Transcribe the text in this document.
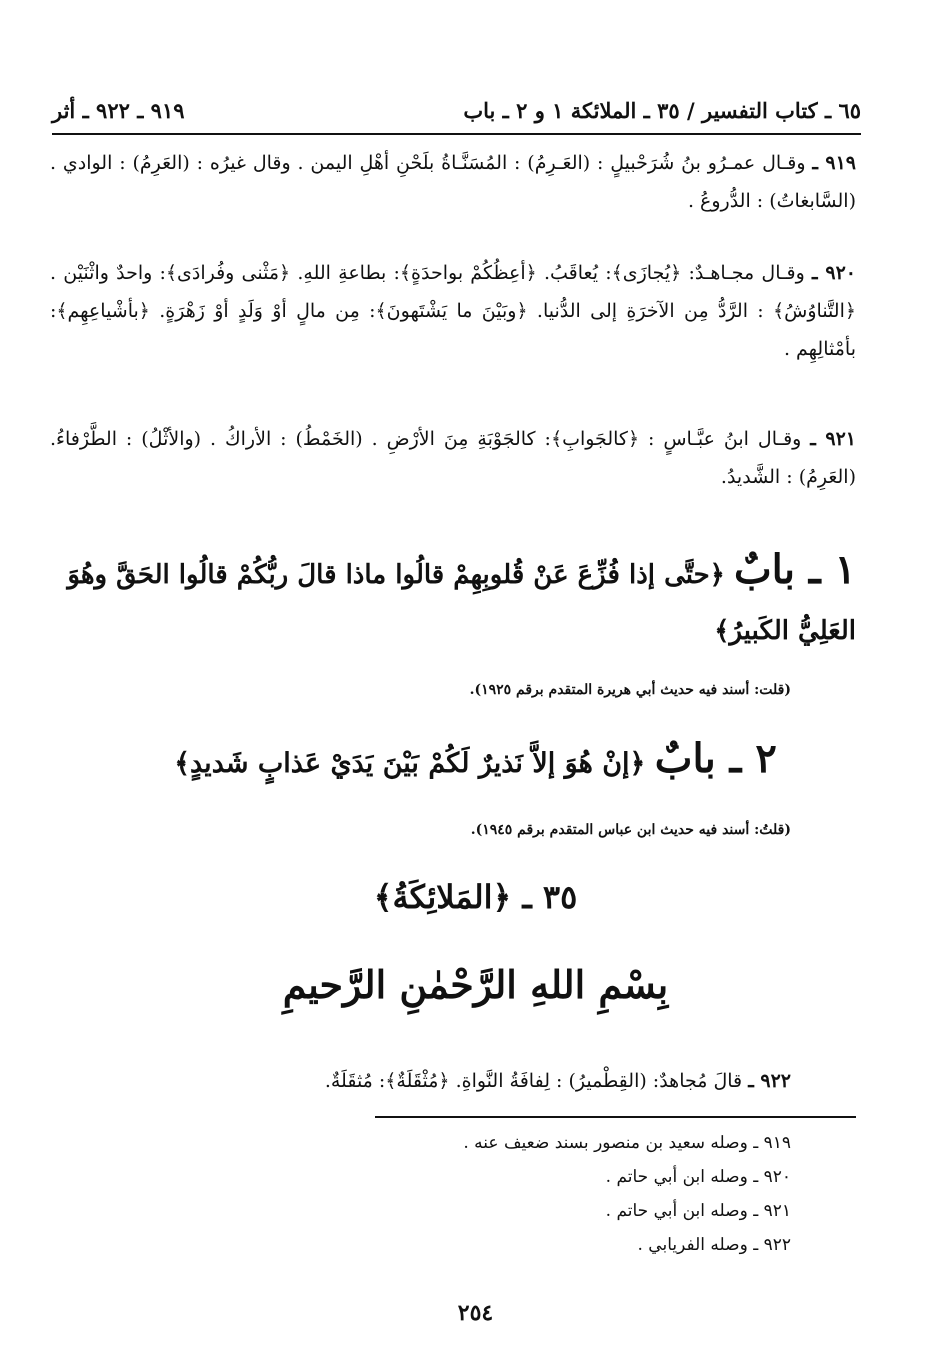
٦٥ ـ كتاب التفسير / ٣٥ ـ الملائكة ١ و ٢ ـ باب
٩١٩ ـ ٩٢٢ ـ أثر
٩١٩ ـ وقـال عمـرُو بنُ شُرَحْبيلٍ : (العَـرِمُ) : المُسَنَّـاةُ بلَحْنِ أهْلِ اليمن . وقال غيرُه : (العَرِمُ) : الوادي . (السَّابغاتُ) : الدُّروعُ .
٩٢٠ ـ وقـال مجـاهـدٌ: ﴿يُجازَى﴾: يُعاقَبُ. ﴿أعِظُكُمْ بواحدَةٍ﴾: بطاعةِ اللهِ. ﴿مَثْنى وفُرادَى﴾: واحدٌ واثْنَيْن . ﴿التَّناوُشُ﴾ : الرَّدُّ مِن الآخرَةِ إلى الدُّنيا. ﴿وبَيْنَ ما يَشْتَهونَ﴾: مِن مالٍ أوْ وَلَدٍ أوْ زَهْرَةٍ. ﴿بأشْياعِهِم﴾: بأمْثالِهِم .
٩٢١ ـ وقـال ابنُ عبَّـاسٍ : ﴿كالجَوابِ﴾: كالجَوْبَةِ مِنَ الأرْضِ . (الخَمْطُ) : الأراكُ . (والأثْلُ) : الطَّرْفاءُ. (العَرِمُ) : الشَّديدُ.
١ ـ بابٌ ﴿حتَّى إذا فُزِّعَ عَنْ قُلوبِهِمْ قالُوا ماذا قالَ ربُّكُمْ قالُوا الحَقَّ وهُوَ العَلِيُّ الكَبيرُ﴾
(قلت: أسند فيه حديث أبي هريرة المتقدم برقم ١٩٢٥).
٢ ـ بابٌ ﴿إنْ هُوَ إلاَّ نَذيرٌ لَكُمْ بَيْنَ يَدَيْ عَذابٍ شَديدٍ﴾
(قلتُ: أسند فيه حديث ابن عباس المتقدم برقم ١٩٤٥).
٣٥ ـ ﴿المَلائِكَةُ﴾
بِسْمِ اللهِ الرَّحْمٰنِ الرَّحيمِ
٩٢٢ ـ قالَ مُجاهدٌ: (القِطْميرُ) : لِفافَةُ النَّواةِ. ﴿مُثْقَلَةٌ﴾: مُثقَلَةٌ.
٩١٩ ـ وصله سعيد بن منصور بسند ضعيف عنه .
٩٢٠ ـ وصله ابن أبي حاتم .
٩٢١ ـ وصله ابن أبي حاتم .
٩٢٢ ـ وصله الفريابي .
٢٥٤
